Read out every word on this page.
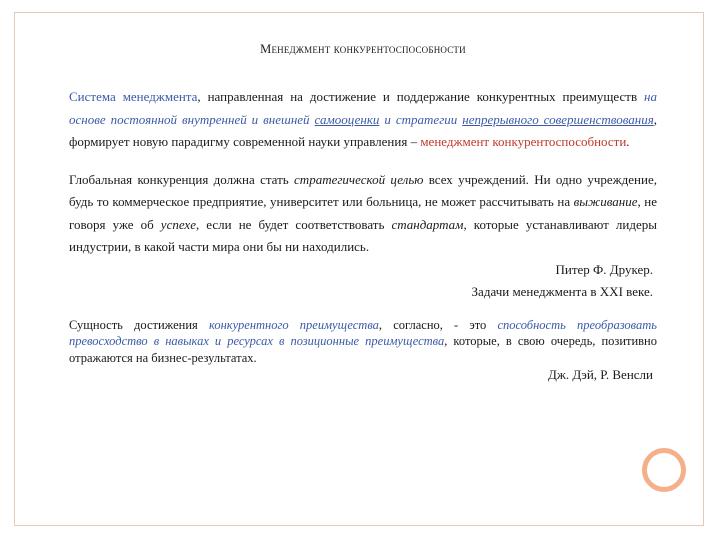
Менеджмент конкурентоспособности

Система менеджмента, направленная на достижение и поддержание конкурентных преимуществ на основе постоянной внутренней и внешней самооценки и стратегии непрерывного совершенствования, формирует новую парадигму современной науки управления – менеджмент конкурентоспособности.

Глобальная конкуренция должна стать стратегической целью всех учреждений. Ни одно учреждение, будь то коммерческое предприятие, университет или больница, не может рассчитывать на выживание, не говоря уже об успехе, если не будет соответствовать стандартам, которые устанавливают лидеры индустрии, в какой части мира они бы ни находились.

Питер Ф. Друкер.

Задачи менеджмента в XXI веке.

Сущность достижения конкурентного преимущества, согласно, - это способность преобразовать превосходство в навыках и ресурсах в позиционные преимущества, которые, в свою очередь, позитивно отражаются на бизнес-результатах.

Дж. Дэй, Р. Венсли
